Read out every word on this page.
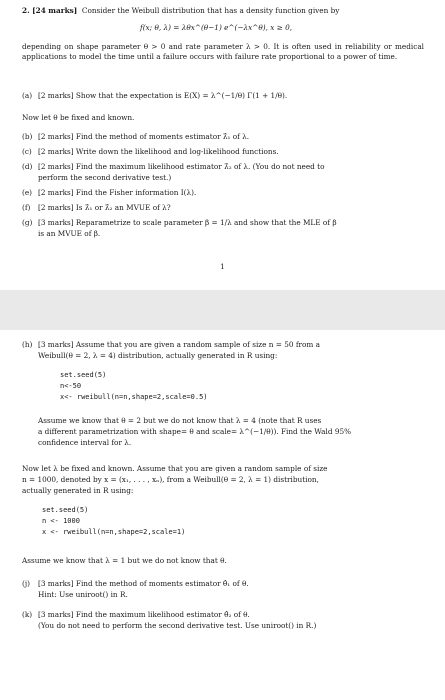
2. [24 marks] Consider the Weibull distribution that has a density function given by

f(x; θ, λ) = λθx^(θ−1) e^(−λx^θ), x ≥ 0,

depending on shape parameter θ > 0 and rate parameter λ > 0. It is often used in reliability or medical applications to model the time until a failure occurs with failure rate proportional to a power of time.

(a) [2 marks] Show that the expectation is E(X) = λ^(−1/θ) Γ(1 + 1/θ).

Now let θ be fixed and known.

(b) [2 marks] Find the method of moments estimator λ̂₁ of λ.

(c) [2 marks] Write down the likelihood and log-likelihood functions.

(d) [2 marks] Find the maximum likelihood estimator λ̂₂ of λ. (You do not need to

perform the second derivative test.)

(e) [2 marks] Find the Fisher information I(λ).

(f) [2 marks] Is λ̂₁ or λ̂₂ an MVUE of λ?

(g) [3 marks] Reparametrize to scale parameter β = 1/λ and show that the MLE of β

is an MVUE of β.

1

(h) [3 marks] Assume that you are given a random sample of size n = 50 from a

Weibull(θ = 2, λ = 4) distribution, actually generated in R using:

set.seed(5)
n<-50
x<- rweibull(n=n,shape=2,scale=0.5)

Assume we know that θ = 2 but we do not know that λ = 4 (note that R uses

a different parametrization with shape= θ and scale= λ^(−1/θ)). Find the Wald 95%

confidence interval for λ.

Now let λ be fixed and known. Assume that you are given a random sample of size

n = 1000, denoted by x = (x₁, . . . , xₙ), from a Weibull(θ = 2, λ = 1) distribution,

actually generated in R using:

set.seed(5)
n <- 1000
x <- rweibull(n=n,shape=2,scale=1)

Assume we know that λ = 1 but we do not know that θ.

(j) [3 marks] Find the method of moments estimator θ̂₁ of θ.

Hint: Use uniroot() in R.

(k) [3 marks] Find the maximum likelihood estimator θ̂₂ of θ.

(You do not need to perform the second derivative test. Use uniroot() in R.)
